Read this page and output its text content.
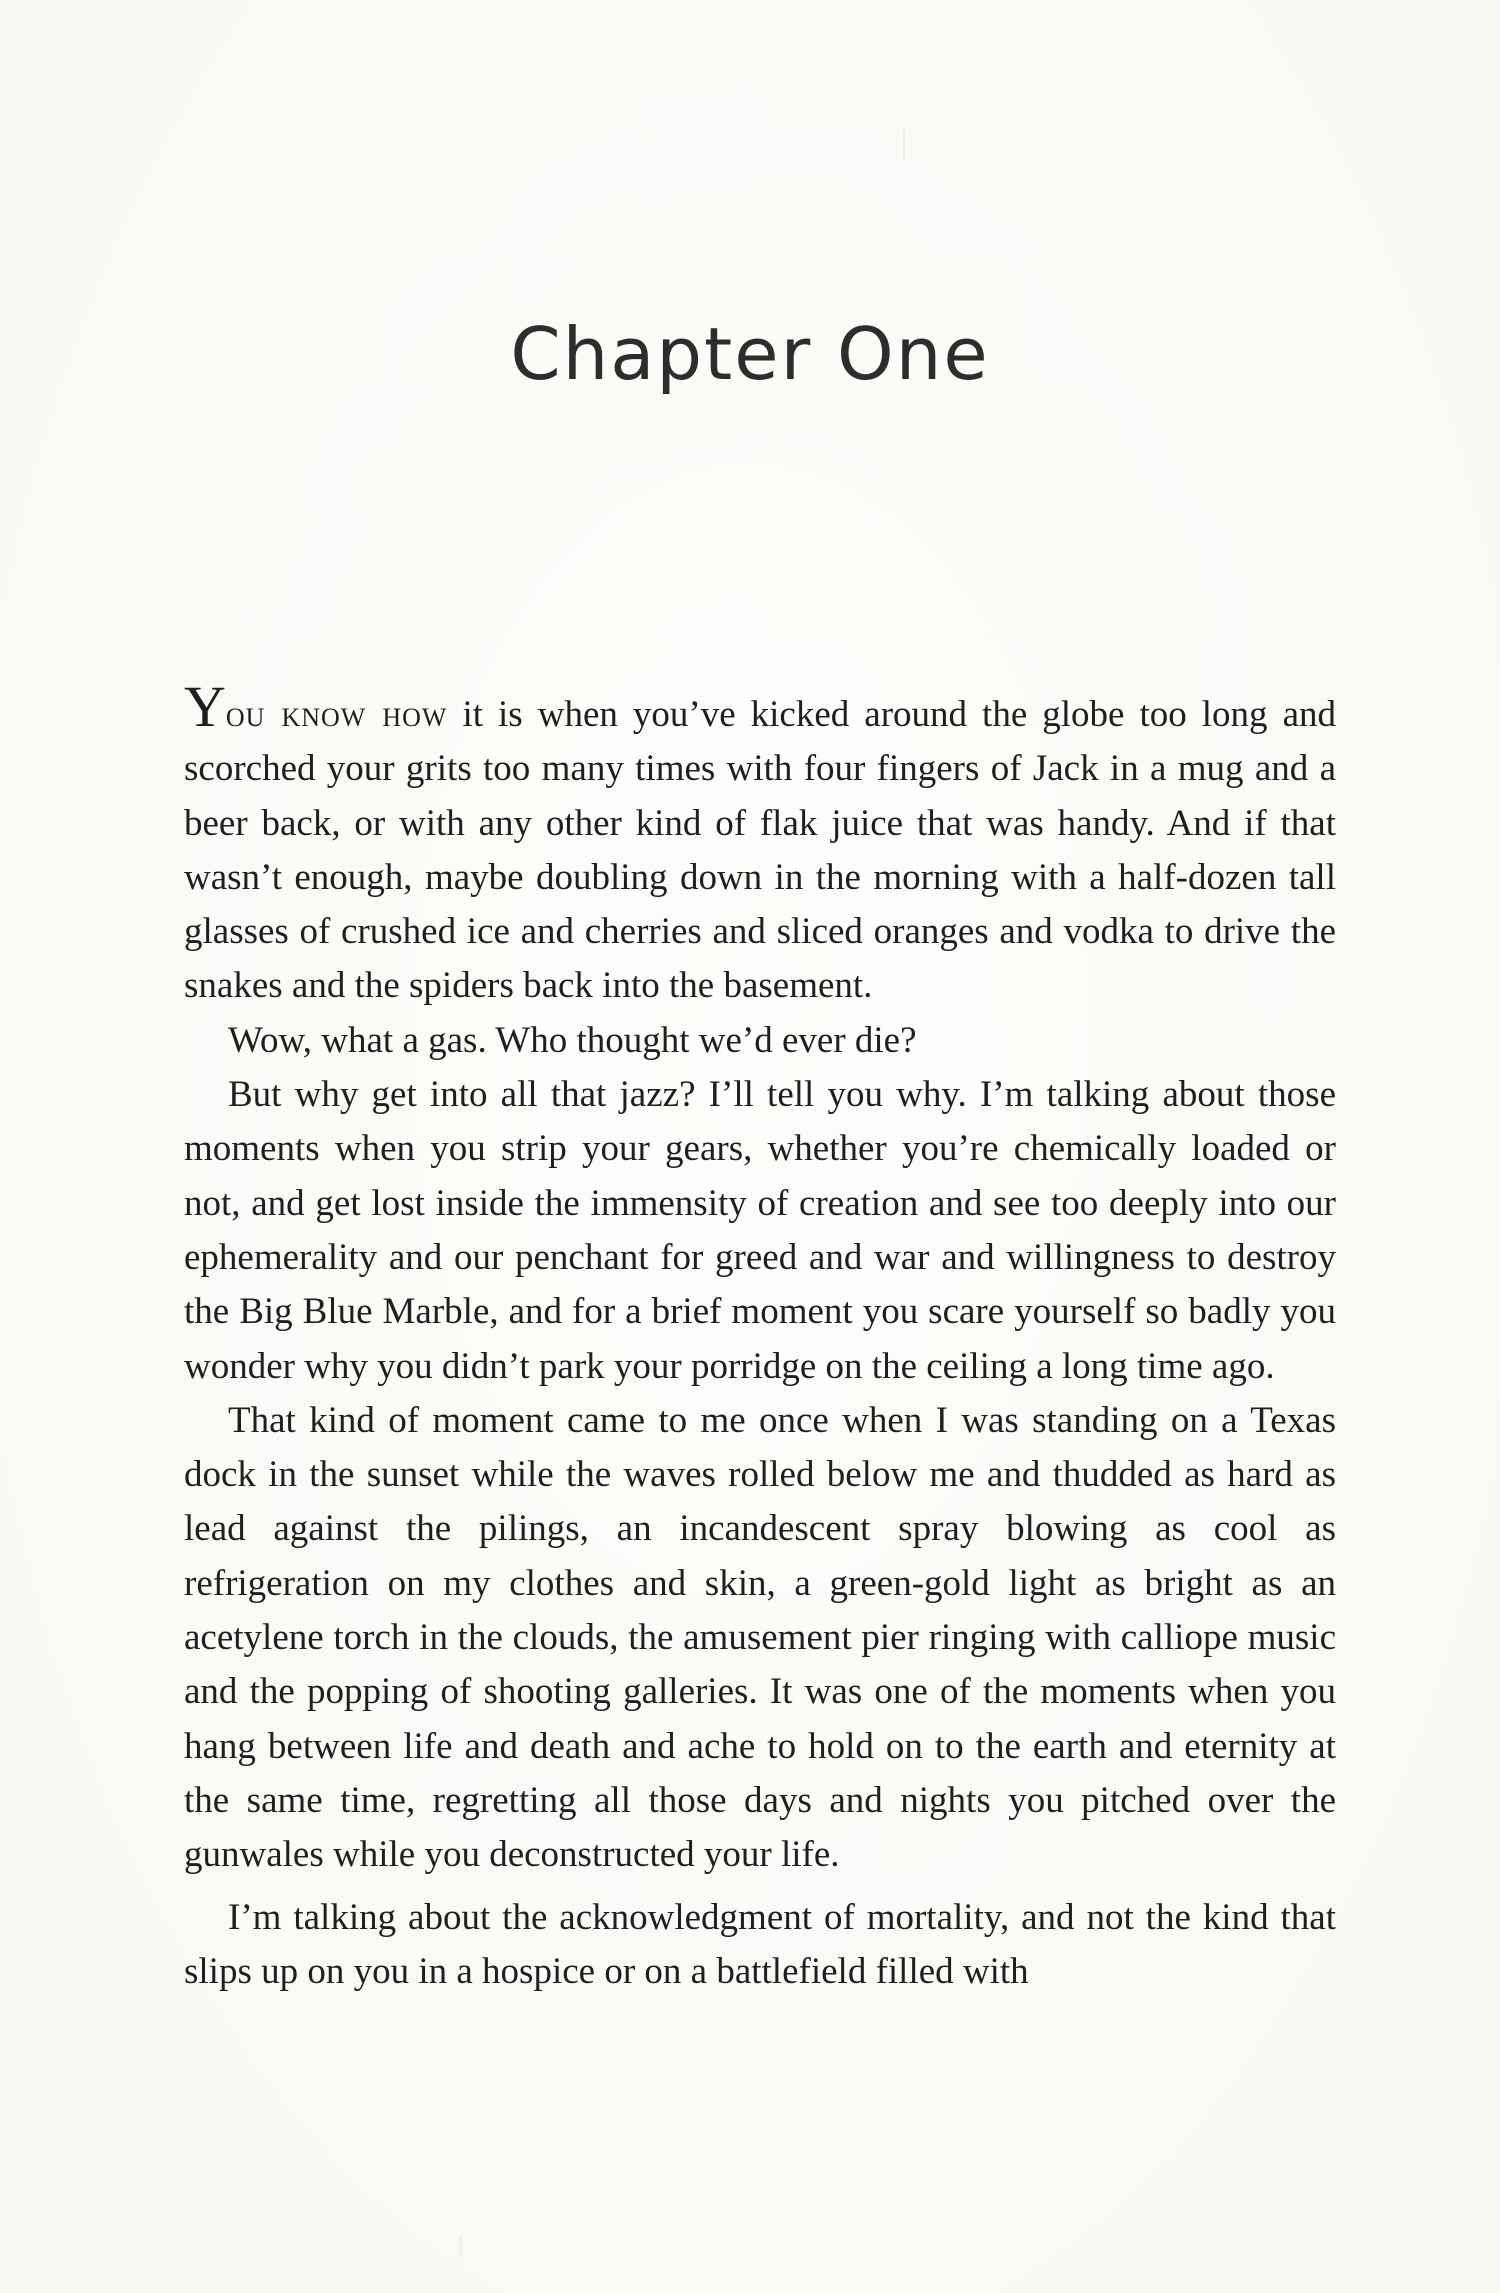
Chapter One

You know how it is when you’ve kicked around the globe too long and scorched your grits too many times with four fingers of Jack in a mug and a beer back, or with any other kind of flak juice that was handy. And if that wasn’t enough, maybe doubling down in the morning with a half-dozen tall glasses of crushed ice and cherries and sliced oranges and vodka to drive the snakes and the spiders back into the basement.

Wow, what a gas. Who thought we’d ever die?

But why get into all that jazz? I’ll tell you why. I’m talking about those moments when you strip your gears, whether you’re chemically loaded or not, and get lost inside the immensity of creation and see too deeply into our ephemerality and our penchant for greed and war and willingness to destroy the Big Blue Marble, and for a brief moment you scare yourself so badly you wonder why you didn’t park your porridge on the ceiling a long time ago.

That kind of moment came to me once when I was standing on a Texas dock in the sunset while the waves rolled below me and thudded as hard as lead against the pilings, an incandescent spray blowing as cool as refrigeration on my clothes and skin, a green-gold light as bright as an acetylene torch in the clouds, the amusement pier ringing with calliope music and the popping of shooting galleries. It was one of the moments when you hang between life and death and ache to hold on to the earth and eternity at the same time, regretting all those days and nights you pitched over the gunwales while you deconstructed your life.

I’m talking about the acknowledgment of mortality, and not the kind that slips up on you in a hospice or on a battlefield filled with
